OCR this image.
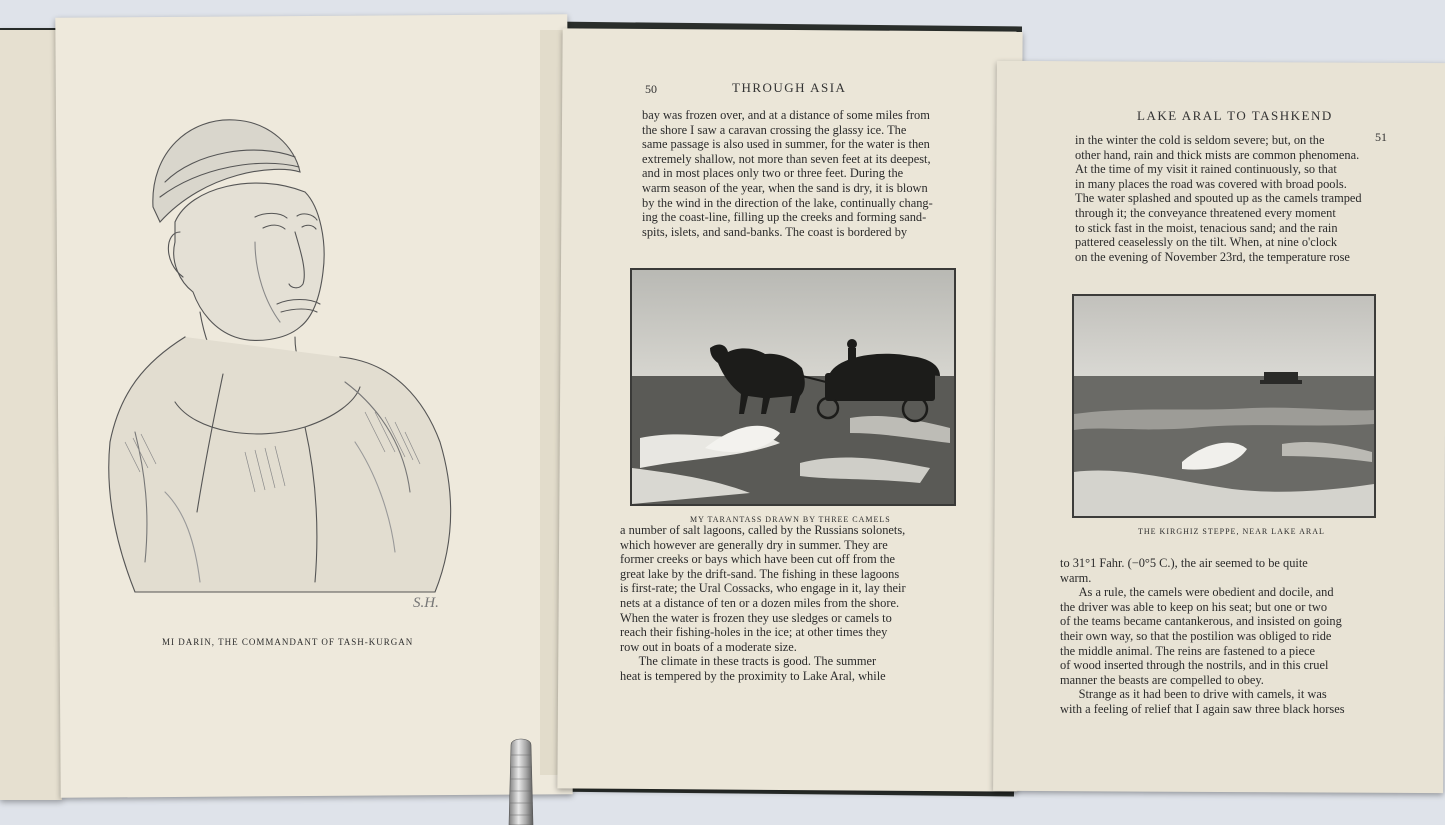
S.H.
MI DARIN, THE COMMANDANT OF TASH-KURGAN
50	THROUGH ASIA

bay was frozen over, and at a distance of some miles from

the shore I saw a caravan crossing the glassy ice. The

same passage is also used in summer, for the water is then

extremely shallow, not more than seven feet at its deepest,

and in most places only two or three feet. During the

warm season of the year, when the sand is dry, it is blown

by the wind in the direction of the lake, continually chang-

ing the coast-line, filling up the creeks and forming sand-

spits, islets, and sand-banks. The coast is bordered by

MY TARANTASS DRAWN BY THREE CAMELS

a number of salt lagoons, called by the Russians solonets,

which however are generally dry in summer. They are

former creeks or bays which have been cut off from the

great lake by the drift-sand. The fishing in these lagoons

is first-rate; the Ural Cossacks, who engage in it, lay their

nets at a distance of ten or a dozen miles from the shore.

When the water is frozen they use sledges or camels to

reach their fishing-holes in the ice; at other times they

row out in boats of a moderate size.

The climate in these tracts is good. The summer

heat is tempered by the proximity to Lake Aral, while

LAKE ARAL TO TASHKEND
51

in the winter the cold is seldom severe; but, on the

other hand, rain and thick mists are common phenomena.

At the time of my visit it rained continuously, so that

in many places the road was covered with broad pools.

The water splashed and spouted up as the camels tramped

through it; the conveyance threatened every moment

to stick fast in the moist, tenacious sand; and the rain

pattered ceaselessly on the tilt. When, at nine o'clock

on the evening of November 23rd, the temperature rose

THE KIRGHIZ STEPPE, NEAR LAKE ARAL

to 31°1 Fahr. (−0°5 C.), the air seemed to be quite

warm.

As a rule, the camels were obedient and docile, and

the driver was able to keep on his seat; but one or two

of the teams became cantankerous, and insisted on going

their own way, so that the postilion was obliged to ride

the middle animal. The reins are fastened to a piece

of wood inserted through the nostrils, and in this cruel

manner the beasts are compelled to obey.

Strange as it had been to drive with camels, it was

with a feeling of relief that I again saw three black horses
